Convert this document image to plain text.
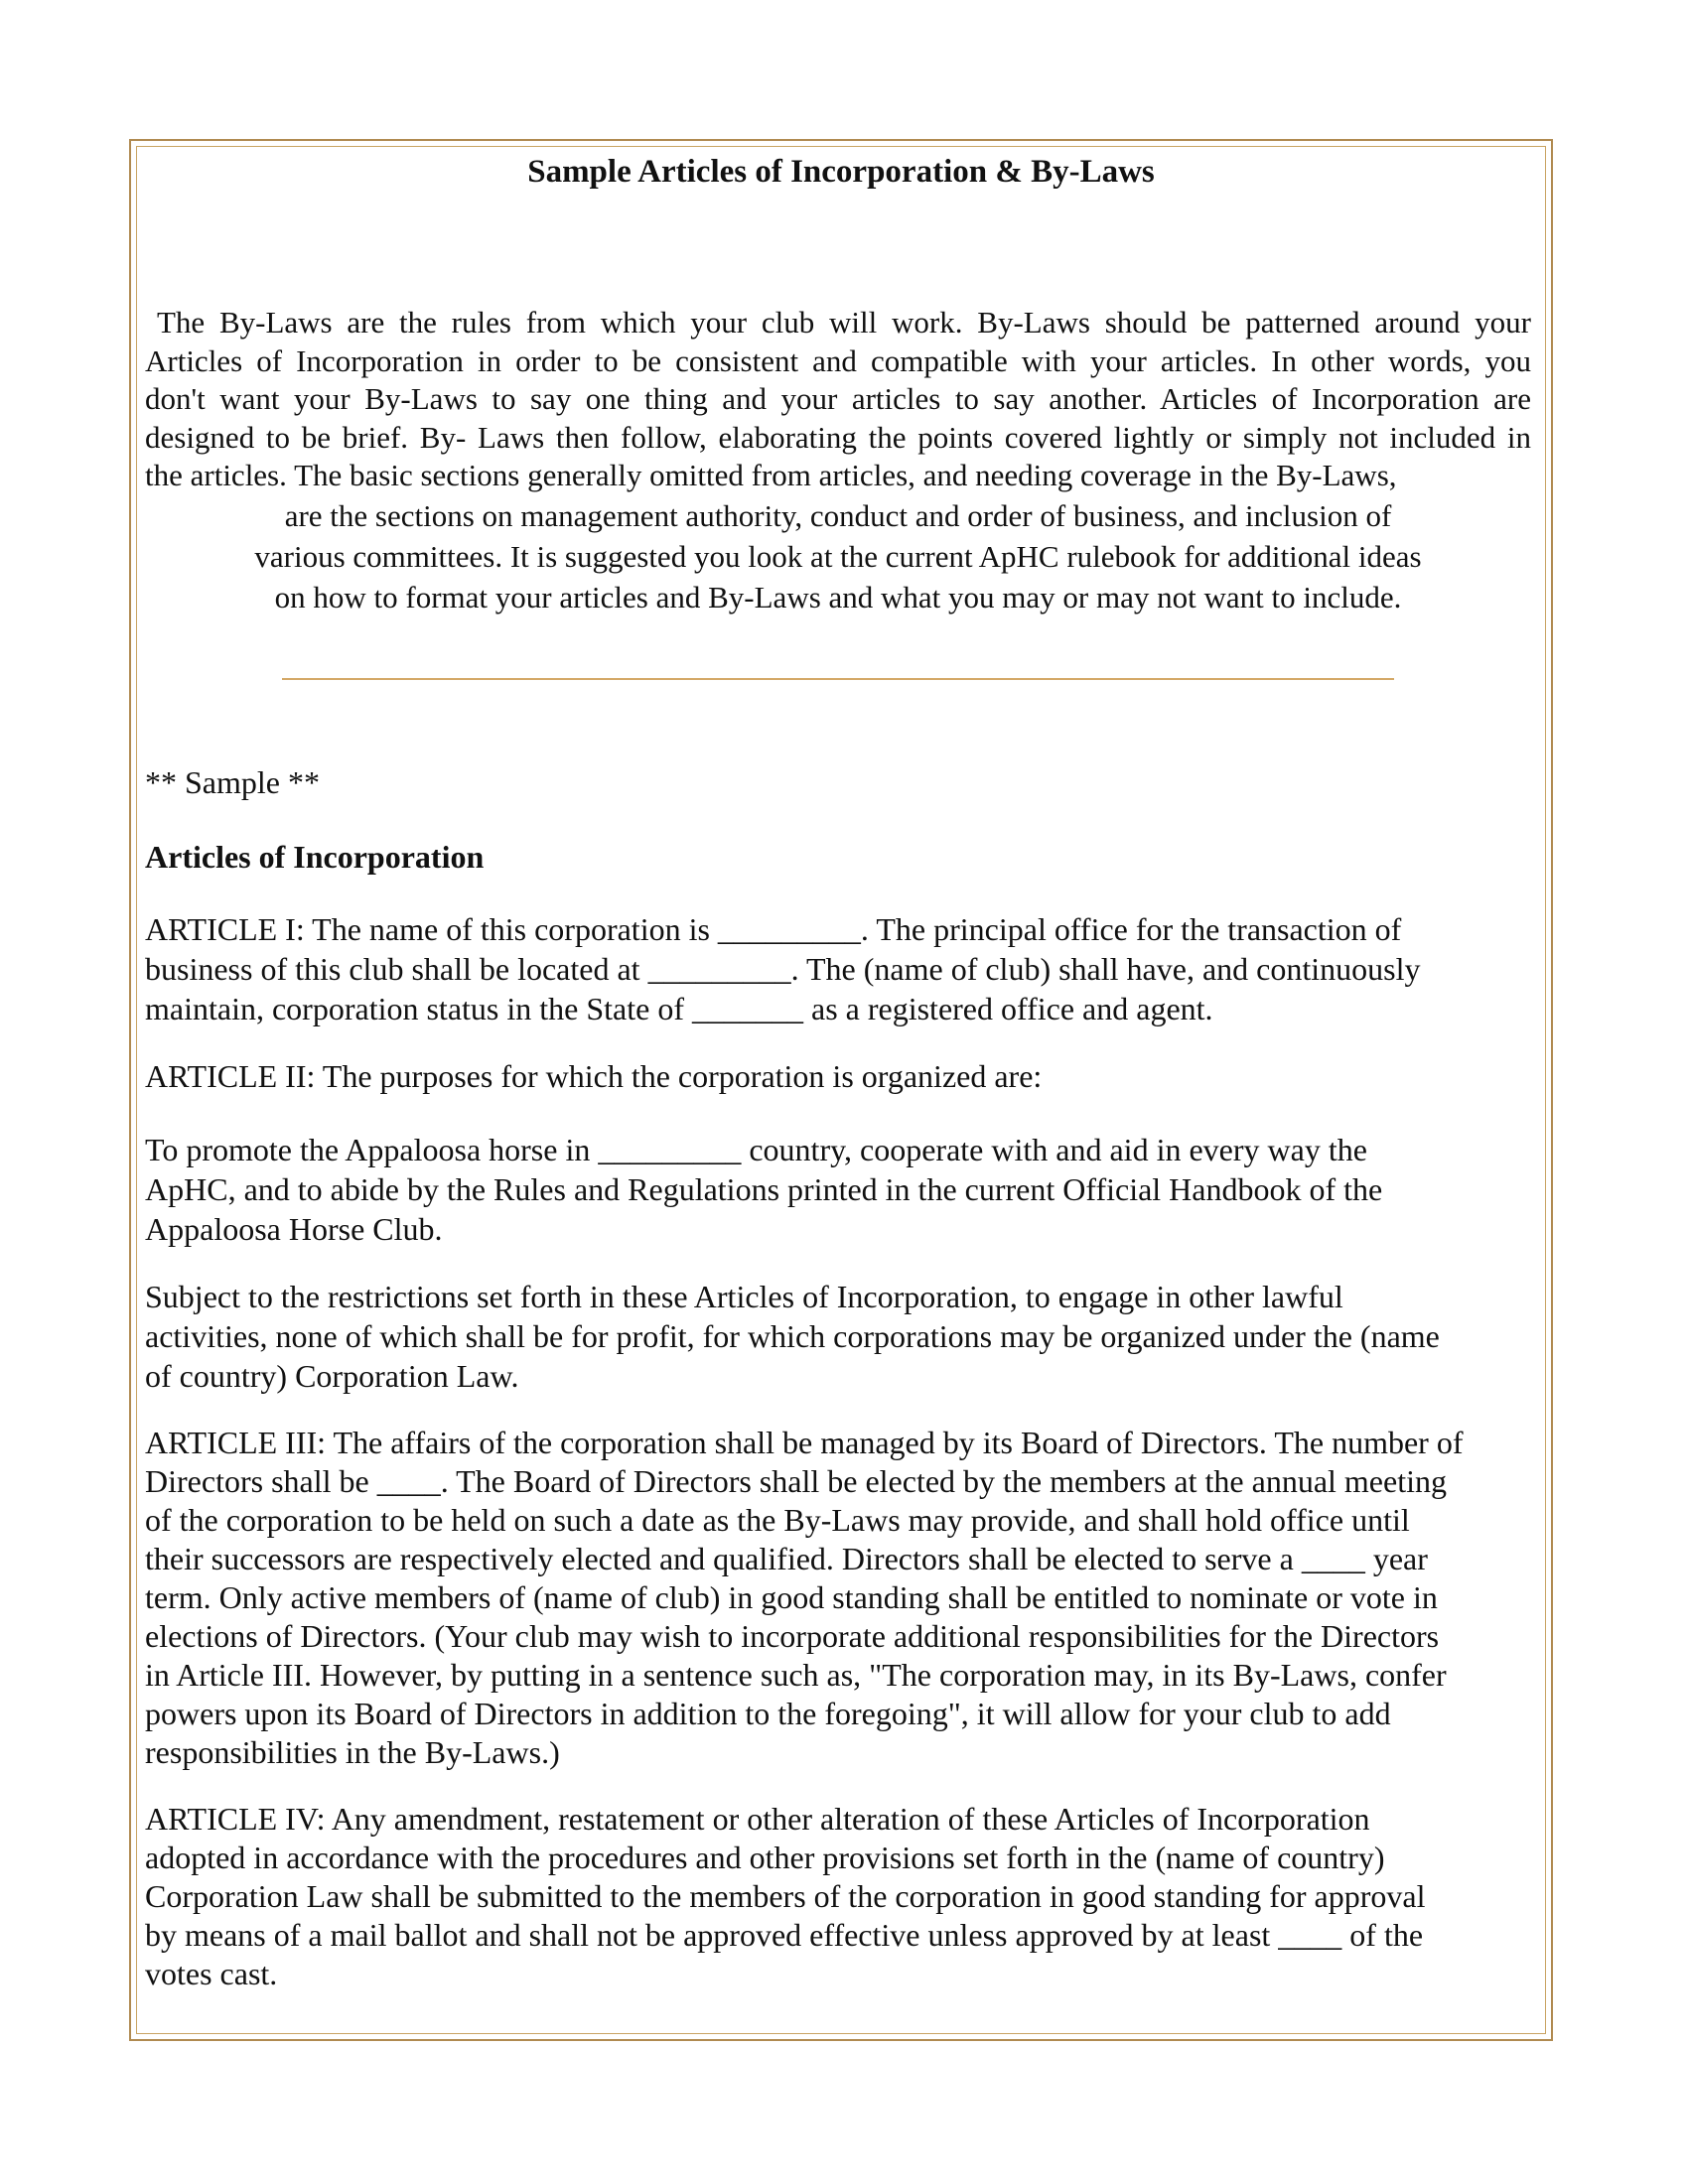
Sample Articles of Incorporation & By-Laws
The By-Laws are the rules from which your club will work. By-Laws should be patterned around your
Articles of Incorporation in order to be consistent and compatible with your articles. In other words, you
don't want your By-Laws to say one thing and your articles to say another. Articles of Incorporation are
designed to be brief. By- Laws then follow, elaborating the points covered lightly or simply not included in
the articles. The basic sections generally omitted from articles, and needing coverage in the By-Laws,
are the sections on management authority, conduct and order of business, and inclusion of
various committees. It is suggested you look at the current ApHC rulebook for additional ideas
on how to format your articles and By-Laws and what you may or may not want to include.
** Sample **
Articles of Incorporation
ARTICLE I: The name of this corporation is _________. The principal office for the transaction of
business of this club shall be located at _________. The (name of club) shall have, and continuously
maintain, corporation status in the State of _______ as a registered office and agent.
ARTICLE II: The purposes for which the corporation is organized are:
To promote the Appaloosa horse in _________ country, cooperate with and aid in every way the
ApHC, and to abide by the Rules and Regulations printed in the current Official Handbook of the
Appaloosa Horse Club.
Subject to the restrictions set forth in these Articles of Incorporation, to engage in other lawful
activities, none of which shall be for profit, for which corporations may be organized under the (name
of country) Corporation Law.
ARTICLE III: The affairs of the corporation shall be managed by its Board of Directors. The number of
Directors shall be ____. The Board of Directors shall be elected by the members at the annual meeting
of the corporation to be held on such a date as the By-Laws may provide, and shall hold office until
their successors are respectively elected and qualified. Directors shall be elected to serve a ____ year
term. Only active members of (name of club) in good standing shall be entitled to nominate or vote in
elections of Directors. (Your club may wish to incorporate additional responsibilities for the Directors
in Article III. However, by putting in a sentence such as, "The corporation may, in its By-Laws, confer
powers upon its Board of Directors in addition to the foregoing", it will allow for your club to add
responsibilities in the By-Laws.)
ARTICLE IV: Any amendment, restatement or other alteration of these Articles of Incorporation
adopted in accordance with the procedures and other provisions set forth in the (name of country)
Corporation Law shall be submitted to the members of the corporation in good standing for approval
by means of a mail ballot and shall not be approved effective unless approved by at least ____ of the
votes cast.
